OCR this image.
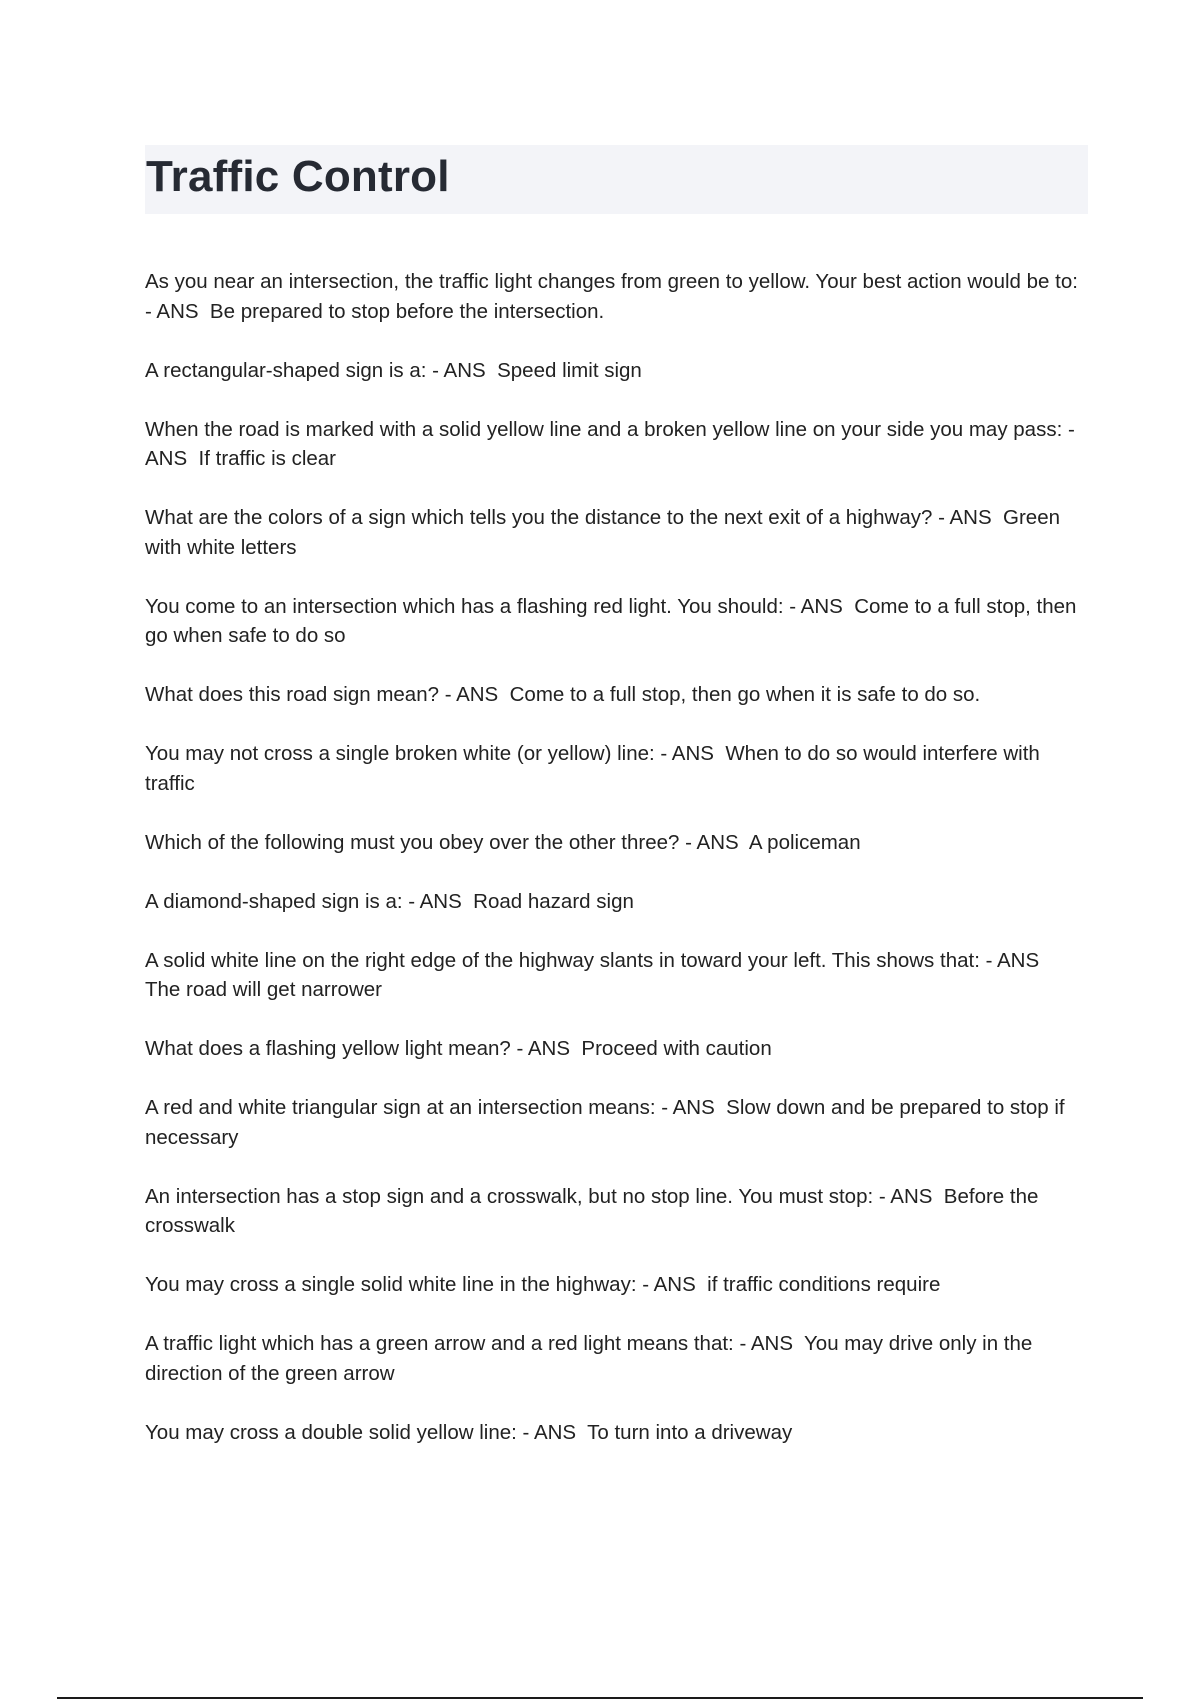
Traffic Control

As you near an intersection, the traffic light changes from green to yellow. Your best action would be to: - ANS  Be prepared to stop before the intersection.

A rectangular-shaped sign is a: - ANS  Speed limit sign

When the road is marked with a solid yellow line and a broken yellow line on your side you may pass: - ANS  If traffic is clear

What are the colors of a sign which tells you the distance to the next exit of a highway? - ANS  Green with white letters

You come to an intersection which has a flashing red light. You should: - ANS  Come to a full stop, then go when safe to do so

What does this road sign mean? - ANS  Come to a full stop, then go when it is safe to do so.

You may not cross a single broken white (or yellow) line: - ANS  When to do so would interfere with traffic

Which of the following must you obey over the other three? - ANS  A policeman

A diamond-shaped sign is a: - ANS  Road hazard sign

A solid white line on the right edge of the highway slants in toward your left. This shows that: - ANS  The road will get narrower

What does a flashing yellow light mean? - ANS  Proceed with caution

A red and white triangular sign at an intersection means: - ANS  Slow down and be prepared to stop if necessary

An intersection has a stop sign and a crosswalk, but no stop line. You must stop: - ANS  Before the crosswalk

You may cross a single solid white line in the highway: - ANS  if traffic conditions require

A traffic light which has a green arrow and a red light means that: - ANS  You may drive only in the direction of the green arrow

You may cross a double solid yellow line: - ANS  To turn into a driveway
